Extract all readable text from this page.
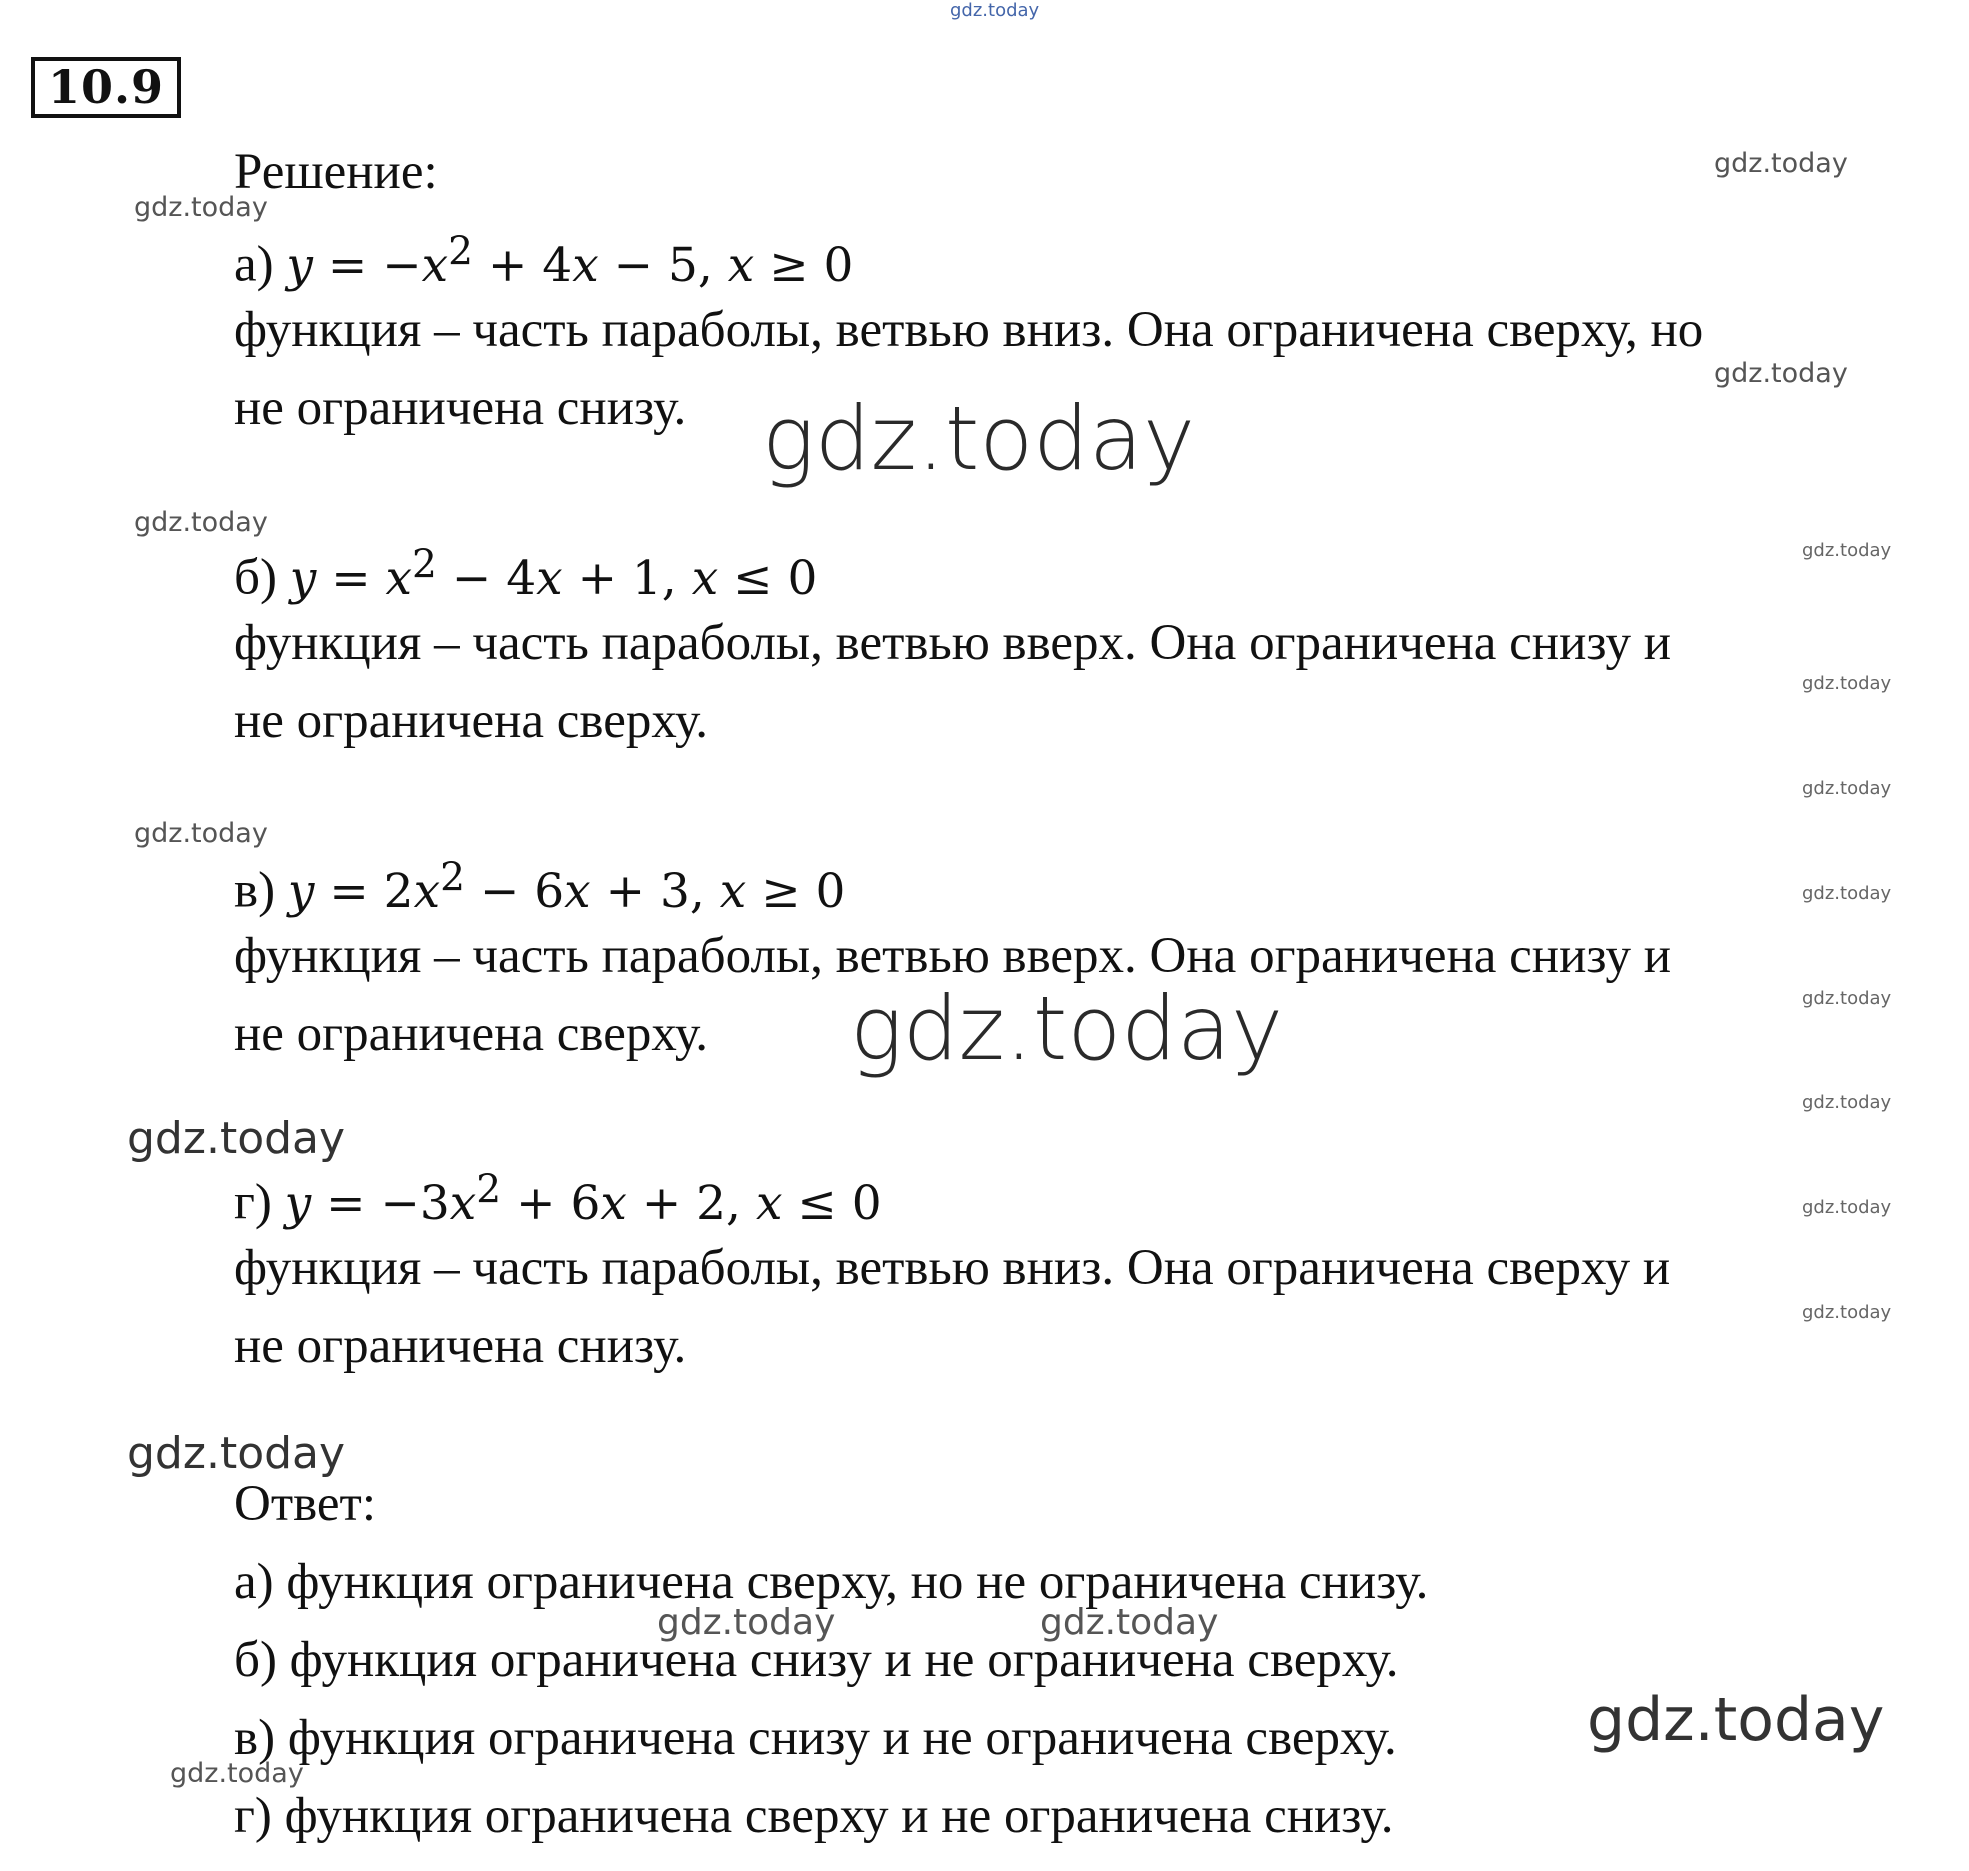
10.9
Решение:
а) $y = -x^2 + 4x - 5$, x ≥ 0
функция – часть параболы, ветвью вниз. Она ограничена сверху, но
не ограничена снизу.
б) $y = x^2 - 4x + 1$, x ≤ 0
функция – часть параболы, ветвью вверх. Она ограничена снизу и
не ограничена сверху.
в) $y = 2x^2 - 6x + 3$, x ≥ 0
функция – часть параболы, ветвью вверх. Она ограничена снизу и
не ограничена сверху.
г) $y = -3x^2 + 6x + 2$, x ≤ 0
функция – часть параболы, ветвью вниз. Она ограничена сверху и
не ограничена снизу.
Ответ:
а) функция ограничена сверху, но не ограничена снизу.
б) функция ограничена снизу и не ограничена сверху.
в) функция ограничена снизу и не ограничена сверху.
г) функция ограничена сверху и не ограничена снизу.
gdz.today
gdz.today
gdz.today
gdz.today
gdz.today
gdz.today
gdz.today
gdz.today
gdz.today
gdz.today
gdz.today
gdz.today
gdz.today
gdz.today
gdz.today
gdz.today
gdz.today
gdz.today
gdz.today	gdz.today
gdz.today
gdz.today
